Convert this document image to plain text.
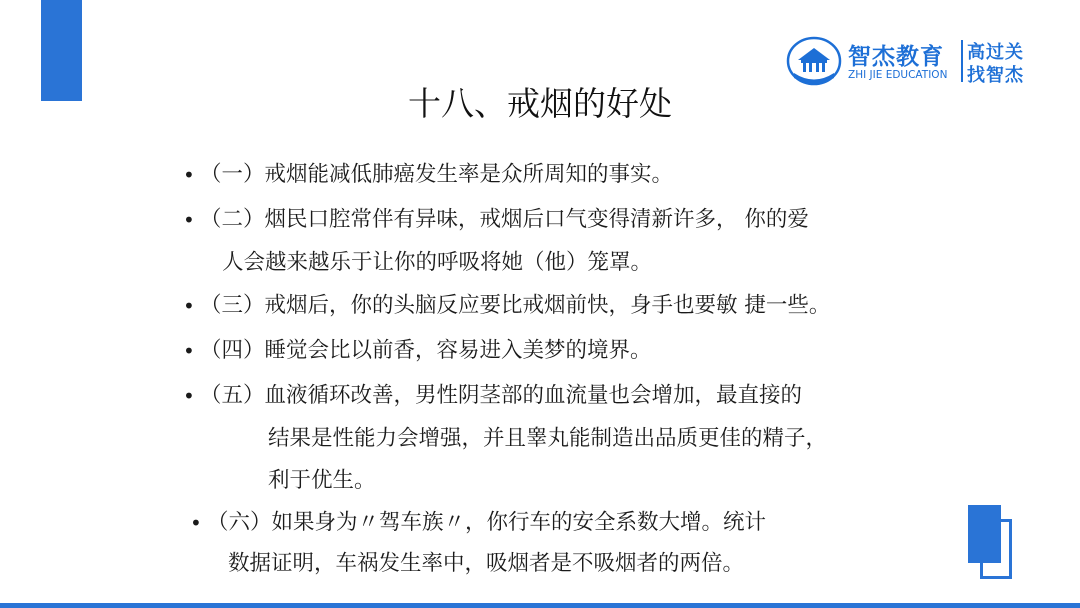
智杰教育
ZHI JIE EDUCATION
高过关
找智杰
十八、戒烟的好处
• （一）戒烟能减低肺癌发生率是众所周知的事实。
• （二）烟民口腔常伴有异味，戒烟后口气变得清新许多， 你的爱
人会越来越乐于让你的呼吸将她（他）笼罩。
• （三）戒烟后，你的头脑反应要比戒烟前快，身手也要敏 捷一些。
• （四）睡觉会比以前香，容易进入美梦的境界。
• （五）血液循环改善，男性阴茎部的血流量也会增加，最直接的
结果是性能力会增强，并且睾丸能制造出品质更佳的精子，
利于优生。
• （六）如果身为〃驾车族〃，你行车的安全系数大增。统计
数据证明，车祸发生率中，吸烟者是不吸烟者的两倍。
